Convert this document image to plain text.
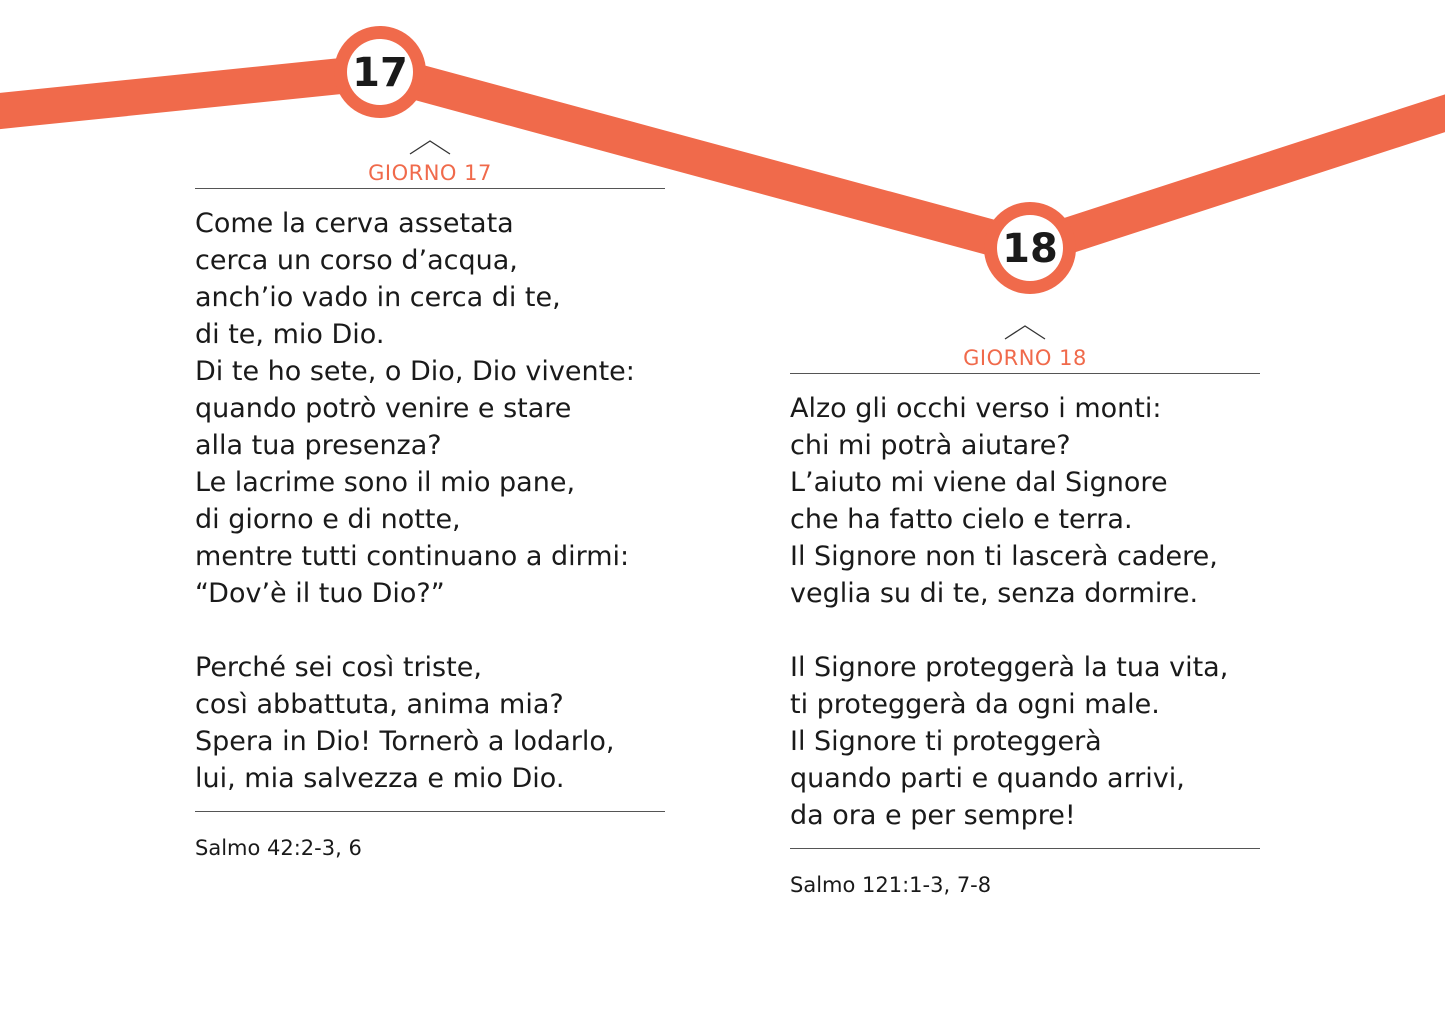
17
18
GIORNO 17
Come la cerva assetata
cerca un corso d’acqua,
anch’io vado in cerca di te,
di te, mio Dio.
Di te ho sete, o Dio, Dio vivente:
quando potrò venire e stare
alla tua presenza?
Le lacrime sono il mio pane,
di giorno e di notte,
mentre tutti continuano a dirmi:
“Dov’è il tuo Dio?”
Perché sei così triste,
così abbattuta, anima mia?
Spera in Dio! Tornerò a lodarlo,
lui, mia salvezza e mio Dio.
Salmo 42:2-3, 6
GIORNO 18
Alzo gli occhi verso i monti:
chi mi potrà aiutare?
L’aiuto mi viene dal Signore
che ha fatto cielo e terra.
Il Signore non ti lascerà cadere,
veglia su di te, senza dormire.
Il Signore proteggerà la tua vita,
ti proteggerà da ogni male.
Il Signore ti proteggerà
quando parti e quando arrivi,
da ora e per sempre!
Salmo 121:1-3, 7-8
